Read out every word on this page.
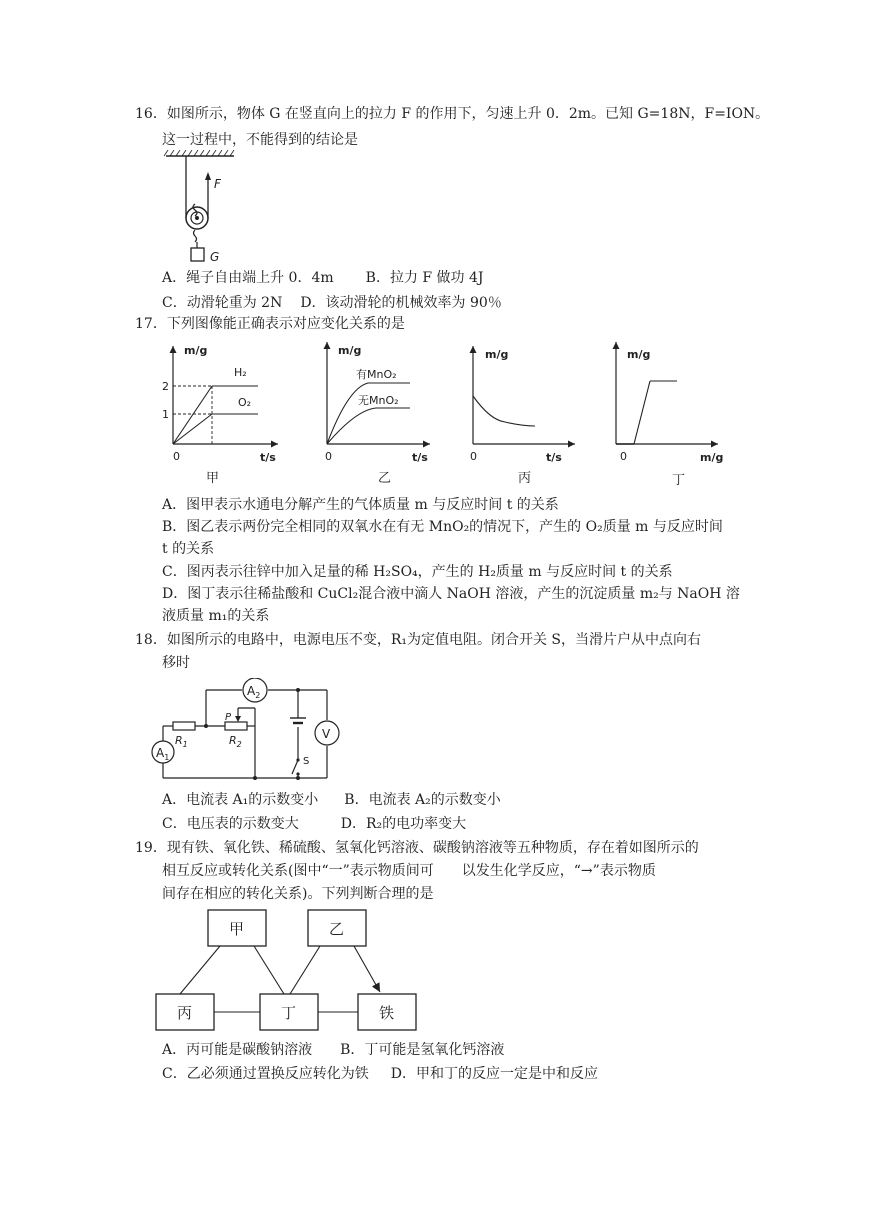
16．如图所示，物体 G 在竖直向上的拉力 F 的作用下，匀速上升 0．2m。已知 G=18N，F=ION。
这一过程中，不能得到的结论是
F
G
A．绳子自由端上升 0．4m B．拉力 F 做功 4J
C．动滑轮重为 2N D．该动滑轮的机械效率为 90％
17．下列图像能正确表示对应变化关系的是
m/g
t/s
0
2
1
H₂
O₂
甲
m/g
t/s
0
有MnO₂
无MnO₂
乙
m/g
t/s
0
丙
m/g
m/g
0
丁
A．图甲表示水通电分解产生的气体质量 m 与反应时间 t 的关系
B．图乙表示两份完全相同的双氧水在有无 MnO₂的情况下，产生的 O₂质量 m 与反应时间
t 的关系
C．图丙表示往锌中加入足量的稀 H₂SO₄，产生的 H₂质量 m 与反应时间 t 的关系
D．图丁表示往稀盐酸和 CuCl₂混合液中滴人 NaOH 溶液，产生的沉淀质量 m₂与 NaOH 溶
液质量 m₁的关系
18．如图所示的电路中，电源电压不变，R₁为定值电阻。闭合开关 S，当滑片户从中点向右
移时
$A_2$
V
$A_1$
$R_1$	$R_2$
P
S
A．电流表 A₁的示数变小 B．电流表 A₂的示数变小
C．电压表的示数变大	D．R₂的电功率变大
19．现有铁、氧化铁、稀硫酸、氢氧化钙溶液、碳酸钠溶液等五种物质，存在着如图所示的
相互反应或转化关系(图中“一”表示物质间可　　以发生化学反应，“→”表示物质
间存在相应的转化关系)。下列判断合理的是
甲	乙
丙	丁	铁
A．丙可能是碳酸钠溶液 B．丁可能是氢氧化钙溶液
C．乙必须通过置换反应转化为铁 D．甲和丁的反应一定是中和反应
